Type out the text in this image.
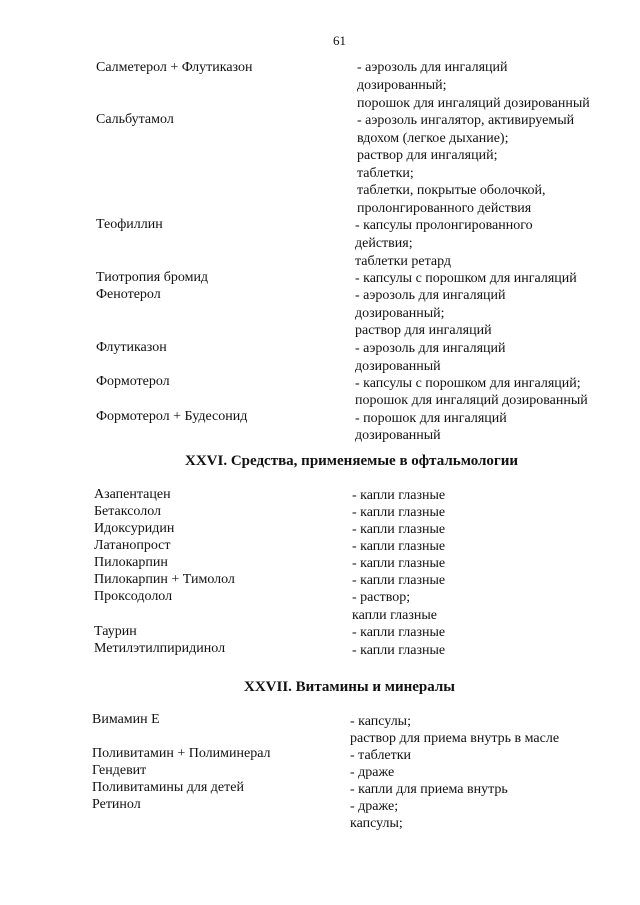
61
Салметерол + Флутиказон	- аэрозоль для ингаляций
дозированный;
порошок для ингаляций дозированный
Сальбутамол	- аэрозоль ингалятор, активируемый
вдохом (легкое дыхание);
раствор для ингаляций;
таблетки;
таблетки, покрытые оболочкой,
пролонгированного действия
Теофиллин	- капсулы пролонгированного
действия;
таблетки ретард
Тиотропия бромид	- капсулы с порошком для ингаляций
Фенотерол	- аэрозоль для ингаляций
дозированный;
раствор для ингаляций
Флутиказон	- аэрозоль для ингаляций
дозированный
Формотерол	- капсулы с порошком для ингаляций;
порошок для ингаляций дозированный
Формотерол + Будесонид	- порошок для ингаляций
дозированный
XXVI. Средства, применяемые в офтальмологии
Азапентацен	- капли глазные
Бетаксолол	- капли глазные
Идоксуридин	- капли глазные
Латанопрост	- капли глазные
Пилокарпин	- капли глазные
Пилокарпин + Тимолол	- капли глазные
Проксодолол	- раствор;
капли глазные
Таурин	- капли глазные
Метилэтилпиридинол	- капли глазные
XXVII. Витамины и минералы
Вимамин Е	- капсулы;
раствор для приема внутрь в масле
Поливитамин + Полиминерал	- таблетки
Гендевит	- драже
Поливитамины для детей	- капли для приема внутрь
Ретинол	- драже;
капсулы;
